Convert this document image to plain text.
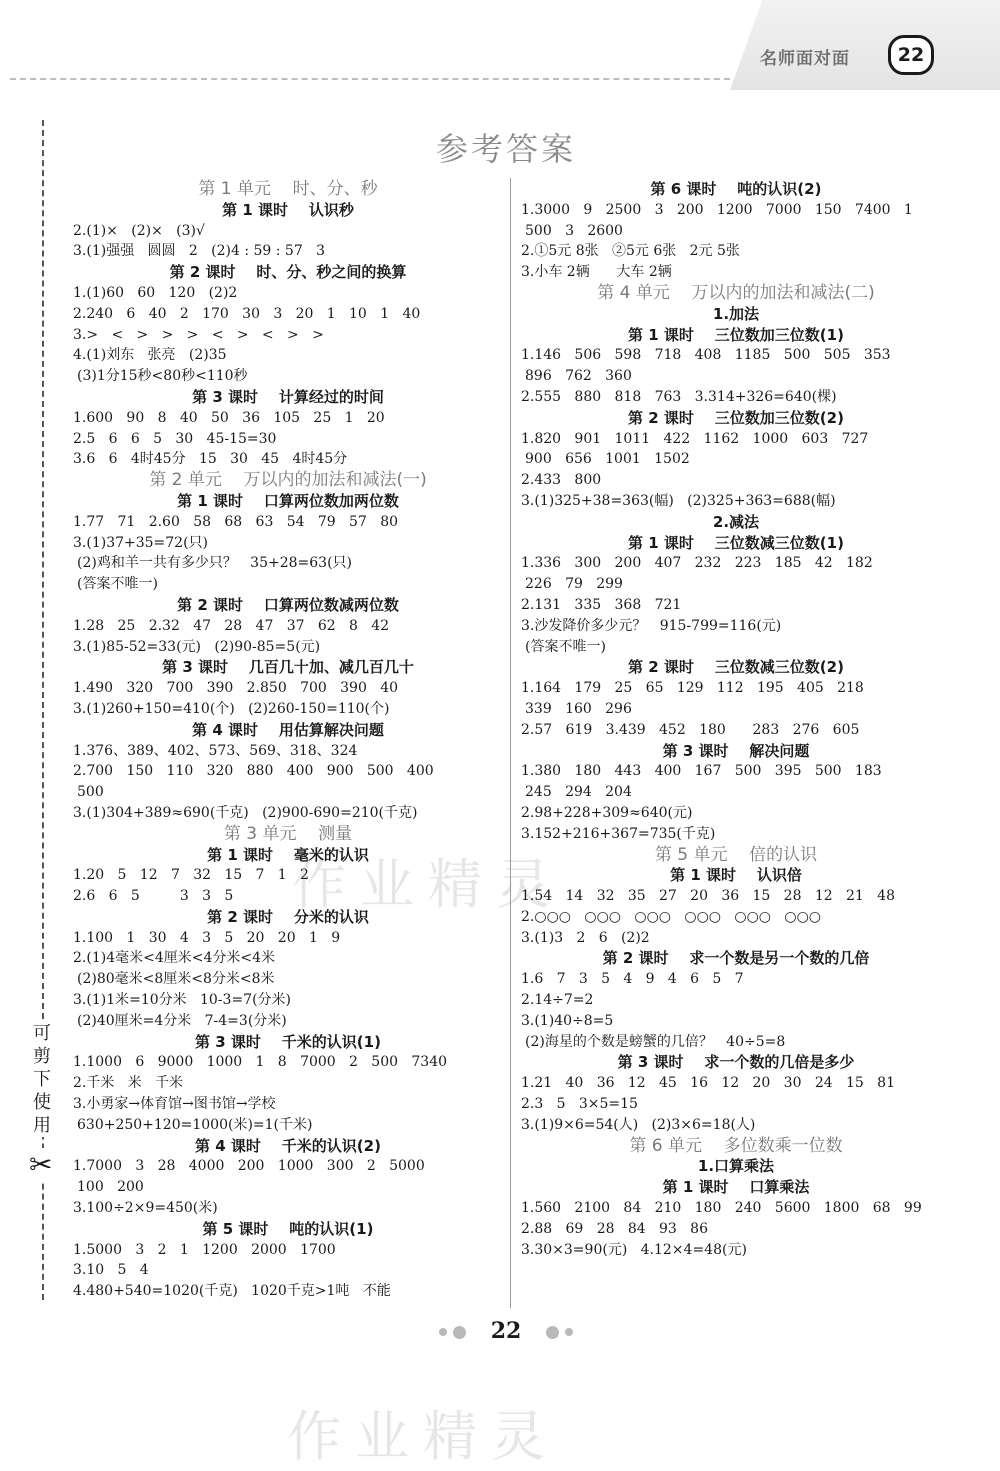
名师面对面	22
参考答案
可
剪
下
使
用
✂
作业精灵
作业精灵
第 1 单元    时、分、秒
第 1 课时    认识秒
2.(1)×   (2)×   (3)√
3.(1)强强   圆圆   2   (2)4 : 59 : 57   3
第 2 课时    时、分、秒之间的换算
1.(1)60   60   120   (2)2
2.240   6   40   2   170   30   3   20   1   10   1   40
3.>   <   >   >   >   <   >   <   >   >
4.(1)刘东   张亮   (2)35
(3)1分15秒<80秒<110秒
第 3 课时    计算经过的时间
1.600   90   8   40   50   36   105   25   1   20
2.5   6   6   5   30   45-15=30
3.6   6   4时45分   15   30   45   4时45分
第 2 单元    万以内的加法和减法(一)
第 1 课时    口算两位数加两位数
1.77   71   2.60   58   68   63   54   79   57   80
3.(1)37+35=72(只)
(2)鸡和羊一共有多少只？   35+28=63(只)
(答案不唯一)
第 2 课时    口算两位数减两位数
1.28   25   2.32   47   28   47   37   62   8   42
3.(1)85-52=33(元)   (2)90-85=5(元)
第 3 课时    几百几十加、减几百几十
1.490   320   700   390   2.850   700   390   40
3.(1)260+150=410(个)   (2)260-150=110(个)
第 4 课时    用估算解决问题
1.376、389、402、573、569、318、324
2.700   150   110   320   880   400   900   500   400
500
3.(1)304+389≈690(千克)   (2)900-690=210(千克)
第 3 单元    测量
第 1 课时    毫米的认识
1.20   5   12   7   32   15   7   1   2
2.6   6   5         3   3   5
第 2 课时    分米的认识
1.100   1   30   4   3   5   20   20   1   9
2.(1)4毫米<4厘米<4分米<4米
(2)80毫米<8厘米<8分米<8米
3.(1)1米=10分米   10-3=7(分米)
(2)40厘米=4分米   7-4=3(分米)
第 3 课时    千米的认识(1)
1.1000   6   9000   1000   1   8   7000   2   500   7340
2.千米   米   千米
3.小勇家→体育馆→图书馆→学校
630+250+120=1000(米)=1(千米)
第 4 课时    千米的认识(2)
1.7000   3   28   4000   200   1000   300   2   5000
100   200
3.100÷2×9=450(米)
第 5 课时    吨的认识(1)
1.5000   3   2   1   1200   2000   1700
3.10   5   4
4.480+540=1020(千克)   1020千克>1吨   不能
第 6 课时    吨的认识(2)
1.3000   9   2500   3   200   1200   7000   150   7400   1
500   3   2600
2.①5元 8张   ②5元 6张   2元 5张
3.小车 2辆      大车 2辆
第 4 单元    万以内的加法和减法(二)
1.加法
第 1 课时    三位数加三位数(1)
1.146   506   598   718   408   1185   500   505   353
896   762   360
2.555   880   818   763   3.314+326=640(棵)
第 2 课时    三位数加三位数(2)
1.820   901   1011   422   1162   1000   603   727
900   656   1001   1502
2.433   800
3.(1)325+38=363(幅)   (2)325+363=688(幅)
2.减法
第 1 课时    三位数减三位数(1)
1.336   300   200   407   232   223   185   42   182
226   79   299
2.131   335   368   721
3.沙发降价多少元？   915-799=116(元)
(答案不唯一)
第 2 课时    三位数减三位数(2)
1.164   179   25   65   129   112   195   405   218
339   160   296
2.57   619   3.439   452   180      283   276   605
第 3 课时    解决问题
1.380   180   443   400   167   500   395   500   183
245   294   204
2.98+228+309≈640(元)
3.152+216+367=735(千克)
第 5 单元    倍的认识
第 1 课时    认识倍
1.54   14   32   35   27   20   36   15   28   12   21   48
2.○○○   ○○○   ○○○   ○○○   ○○○   ○○○
3.(1)3   2   6   (2)2
第 2 课时    求一个数是另一个数的几倍
1.6   7   3   5   4   9   4   6   5   7
2.14÷7=2
3.(1)40÷8=5
(2)海星的个数是螃蟹的几倍？   40÷5=8
第 3 课时    求一个数的几倍是多少
1.21   40   36   12   45   16   12   20   30   24   15   81
2.3   5   3×5=15
3.(1)9×6=54(人)   (2)3×6=18(人)
第 6 单元    多位数乘一位数
1.口算乘法
第 1 课时    口算乘法
1.560   2100   84   210   180   240   5600   1800   68   99
2.88   69   28   84   93   86
3.30×3=90(元)   4.12×4=48(元)
22
